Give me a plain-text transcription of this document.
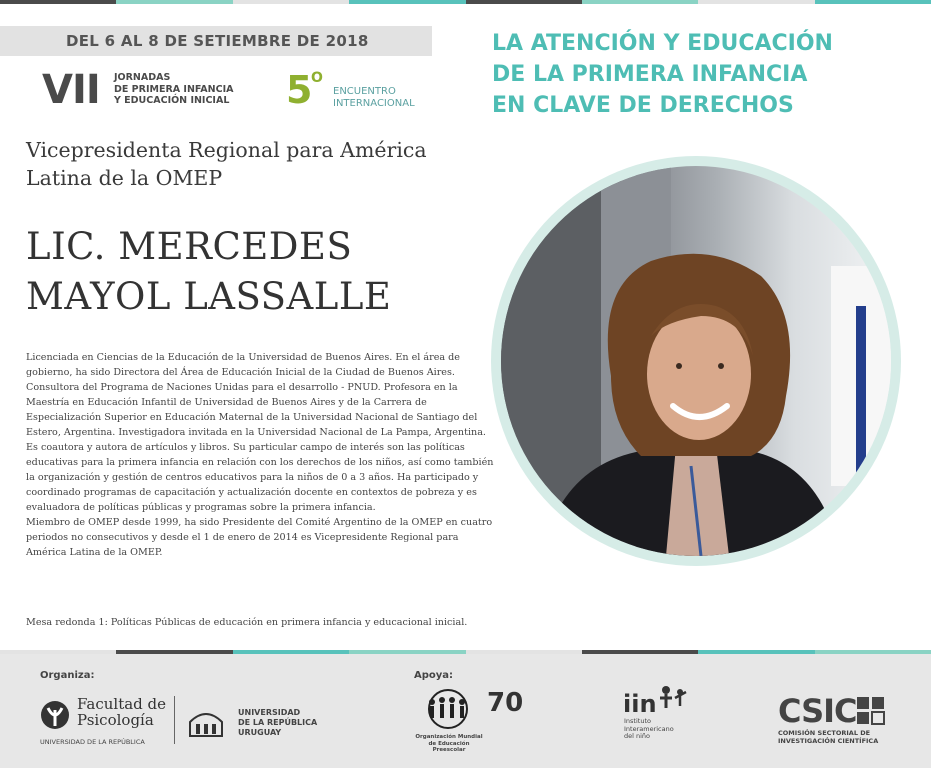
DEL 6 AL 8 DE SETIEMBRE DE 2018
VII JORNADAS
DE PRIMERA INFANCIA
Y EDUCACIÓN INICIAL	5
O
ENCUENTRO
INTERNACIONAL
LA ATENCIÓN Y EDUCACIÓN
DE LA PRIMERA INFANCIA
EN CLAVE DE DERECHOS
Vicepresidenta Regional para América Latina de la OMEP
LIC. MERCEDES
MAYOL LASSALLE
Licenciada en Ciencias de la Educación de la Universidad de Buenos Aires. En el área de gobierno, ha sido Directora del Área de Educación Inicial de la Ciudad de Buenos Aires. Consultora del Programa de Naciones Unidas para el desarrollo - PNUD. Profesora en la Maestría en Educación Infantil de Universidad de Buenos Aires y de la Carrera de Especialización Superior en Educación Maternal de la Universidad Nacional de Santiago del Estero, Argentina. Investigadora invitada en la Universidad Nacional de La Pampa, Argentina. Es coautora y autora de artículos y libros. Su particular campo de interés son las políticas educativas para la primera infancia en relación con los derechos de los niños, así como también la organización y gestión de centros educativos para la niños de 0 a 3 años. Ha participado y coordinado programas de capacitación y actualización docente en contextos de pobreza y es evaluadora de políticas públicas y programas sobre la primera infancia.
Miembro de OMEP desde 1999, ha sido Presidente del Comité Argentino de la OMEP en cuatro periodos no consecutivos y desde el 1 de enero de 2014 es Vicepresidente Regional para América Latina de la OMEP.
Mesa redonda 1: Políticas Públicas de educación en primera infancia y educacional inicial.
Organiza:	Apoya:
Facultad de
Psicología
UNIVERSIDAD DE LA REPÚBLICA
UNIVERSIDAD
DE LA REPÚBLICA
URUGUAY	Organización Mundial
de Educación Preescolar
70	iin
Instituto
Interamericano
del niño
CSIC
COMISIÓN SECTORIAL DE
INVESTIGACIÓN CIENTÍFICA
